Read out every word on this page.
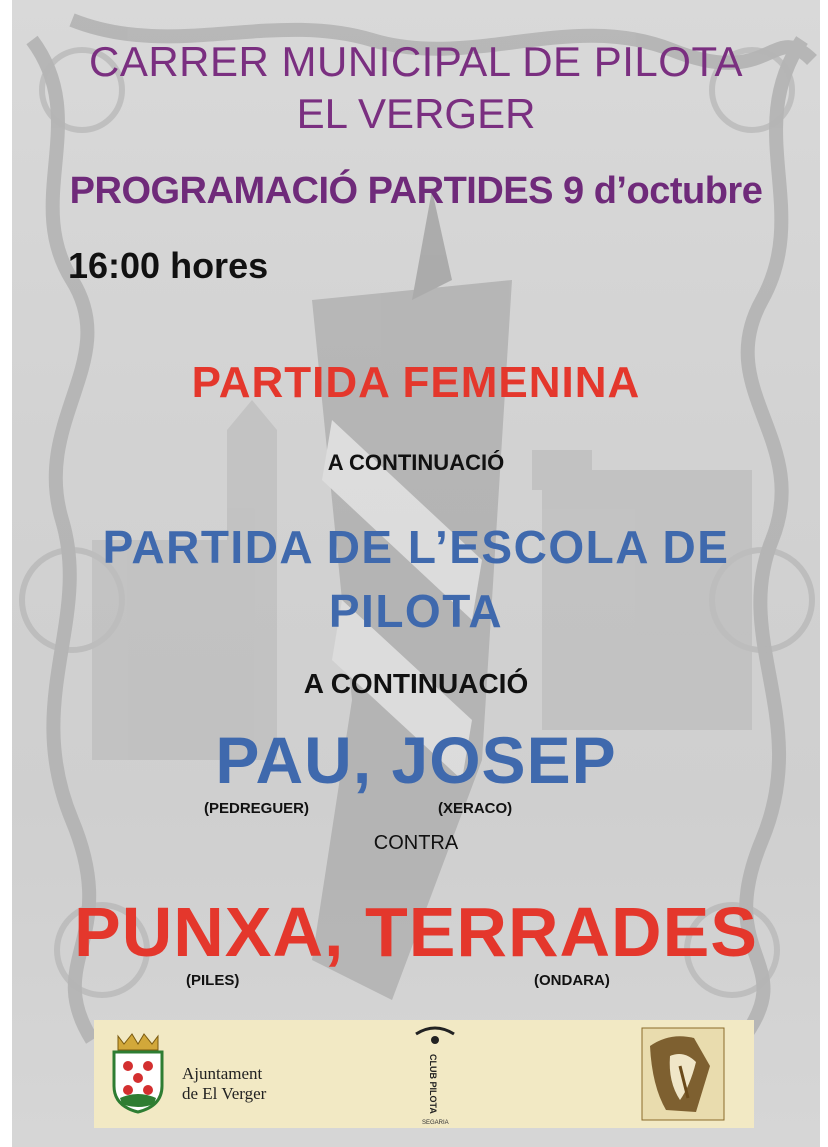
CARRER MUNICIPAL DE PILOTA
EL VERGER
PROGRAMACIÓ PARTIDES 9 d’octubre
16:00 hores
PARTIDA FEMENINA
A CONTINUACIÓ
PARTIDA DE L’ESCOLA DE
PILOTA
A CONTINUACIÓ
PAU, JOSEP
(PEDREGUER)	(XERACO)
CONTRA
PUNXA, TERRADES
(PILES)	(ONDARA)
Ajuntament
de El Verger	CLUB PILOTA
SEGARIA
